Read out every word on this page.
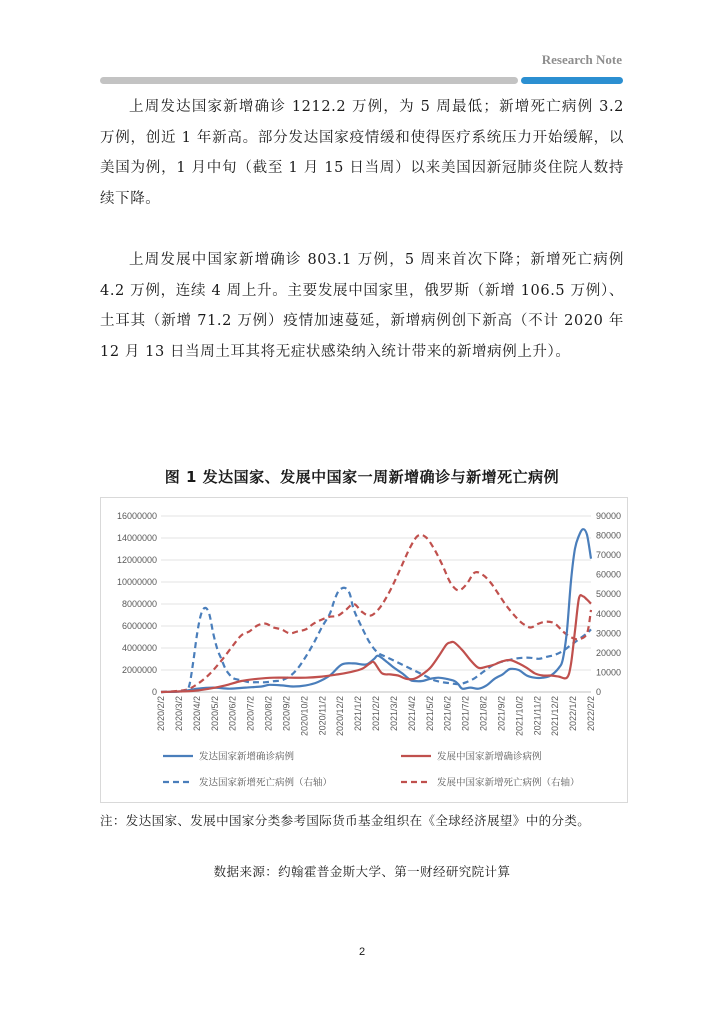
Research Note

上周发达国家新增确诊 1212.2 万例，为 5 周最低；新增死亡病例 3.2 万例，创近 1 年新高。部分发达国家疫情缓和使得医疗系统压力开始缓解，以美国为例，1 月中旬（截至 1 月 15 日当周）以来美国因新冠肺炎住院人数持续下降。

上周发展中国家新增确诊 803.1 万例，5 周来首次下降；新增死亡病例 4.2 万例，连续 4 周上升。主要发展中国家里，俄罗斯（新增 106.5 万例）、土耳其（新增 71.2 万例）疫情加速蔓延，新增病例创下新高（不计 2020 年 12 月 13 日当周土耳其将无症状感染纳入统计带来的新增病例上升）。

图 1 发达国家、发展中国家一周新增确诊与新增死亡病例
0
2000000
4000000
6000000
8000000
10000000
12000000
14000000
16000000
0
10000
20000
30000
40000
50000
60000
70000
80000
90000
2020/2/2 2020/3/2 2020/4/2 2020/5/2 2020/6/2 2020/7/2 2020/8/2 2020/9/2 2020/10/2 2020/11/2 2020/12/2 2021/1/2 2021/2/2 2021/3/2 2021/4/2 2021/5/2 2021/6/2 2021/7/2 2021/8/2 2021/9/2 2021/10/2 2021/11/2 2021/12/2 2022/1/2 2022/2/2
发达国家新增确诊病例	发展中国家新增确诊病例
发达国家新增死亡病例（右轴）	发展中国家新增死亡病例（右轴）

注：发达国家、发展中国家分类参考国际货币基金组织在《全球经济展望》中的分类。

数据来源：约翰霍普金斯大学、第一财经研究院计算
2
